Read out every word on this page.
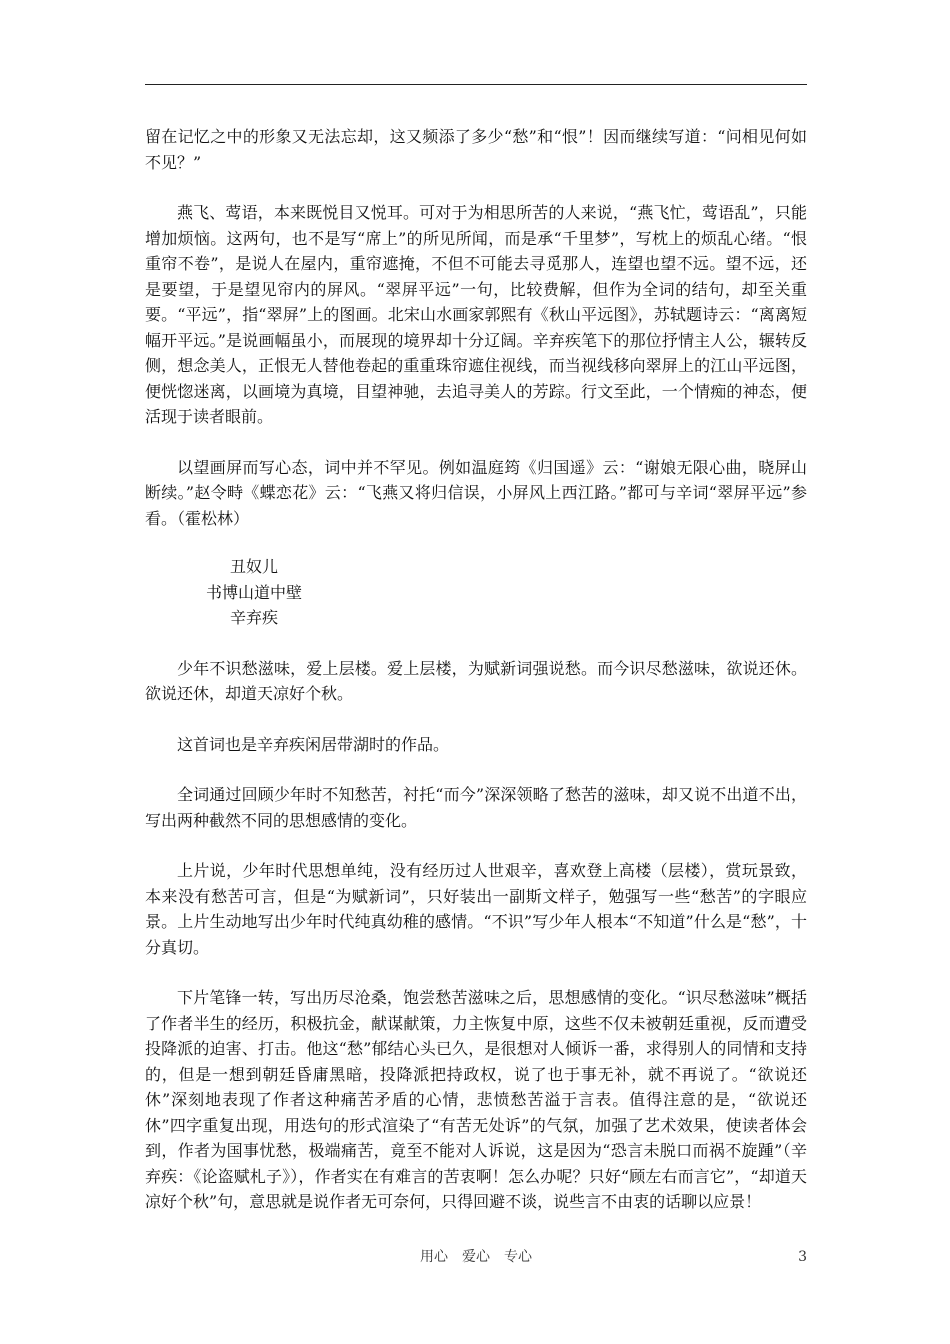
留在记忆之中的形象又无法忘却，这又频添了多少“愁”和“恨”！因而继续写道：“问相见何如不见？”

燕飞、莺语，本来既悦目又悦耳。可对于为相思所苦的人来说，“燕飞忙，莺语乱”，只能增加烦恼。这两句，也不是写“席上”的所见所闻，而是承“千里梦”，写枕上的烦乱心绪。“恨重帘不卷”，是说人在屋内，重帘遮掩，不但不可能去寻觅那人，连望也望不远。望不远，还是要望，于是望见帘内的屏风。“翠屏平远”一句，比较费解，但作为全词的结句，却至关重要。“平远”，指“翠屏”上的图画。北宋山水画家郭熙有《秋山平远图》，苏轼题诗云：“离离短幅开平远。”是说画幅虽小，而展现的境界却十分辽阔。辛弃疾笔下的那位抒情主人公，辗转反侧，想念美人，正恨无人替他卷起的重重珠帘遮住视线，而当视线移向翠屏上的江山平远图，便恍惚迷离，以画境为真境，目望神驰，去追寻美人的芳踪。行文至此，一个情痴的神态，便活现于读者眼前。

以望画屏而写心态，词中并不罕见。例如温庭筠《归国遥》云：“谢娘无限心曲，晓屏山断续。”赵令畤《蝶恋花》云：“飞燕又将归信误，小屏风上西江路。”都可与辛词“翠屏平远”参看。（霍松林）

丑奴儿
书博山道中壁
辛弃疾

少年不识愁滋味，爱上层楼。爱上层楼，为赋新词强说愁。而今识尽愁滋味，欲说还休。欲说还休，却道天凉好个秋。

这首词也是辛弃疾闲居带湖时的作品。

全词通过回顾少年时不知愁苦，衬托“而今”深深领略了愁苦的滋味，却又说不出道不出，写出两种截然不同的思想感情的变化。

上片说，少年时代思想单纯，没有经历过人世艰辛，喜欢登上高楼（层楼），赏玩景致，本来没有愁苦可言，但是“为赋新词”，只好装出一副斯文样子，勉强写一些“愁苦”的字眼应景。上片生动地写出少年时代纯真幼稚的感情。“不识”写少年人根本“不知道”什么是“愁”，十分真切。

下片笔锋一转，写出历尽沧桑，饱尝愁苦滋味之后，思想感情的变化。“识尽愁滋味”概括了作者半生的经历，积极抗金，献谋献策，力主恢复中原，这些不仅未被朝廷重视，反而遭受投降派的迫害、打击。他这“愁”郁结心头已久，是很想对人倾诉一番，求得别人的同情和支持的，但是一想到朝廷昏庸黑暗，投降派把持政权，说了也于事无补，就不再说了。“欲说还休”深刻地表现了作者这种痛苦矛盾的心情，悲愤愁苦溢于言表。值得注意的是，“欲说还休”四字重复出现，用迭句的形式渲染了“有苦无处诉”的气氛，加强了艺术效果，使读者体会到，作者为国事忧愁，极端痛苦，竟至不能对人诉说，这是因为“恐言未脱口而祸不旋踵”（辛弃疾：《论盗赋札子》），作者实在有难言的苦衷啊！怎么办呢？只好“顾左右而言它”，“却道天凉好个秋”句，意思就是说作者无可奈何，只得回避不谈，说些言不由衷的话聊以应景！

用心　爱心　专心	3
